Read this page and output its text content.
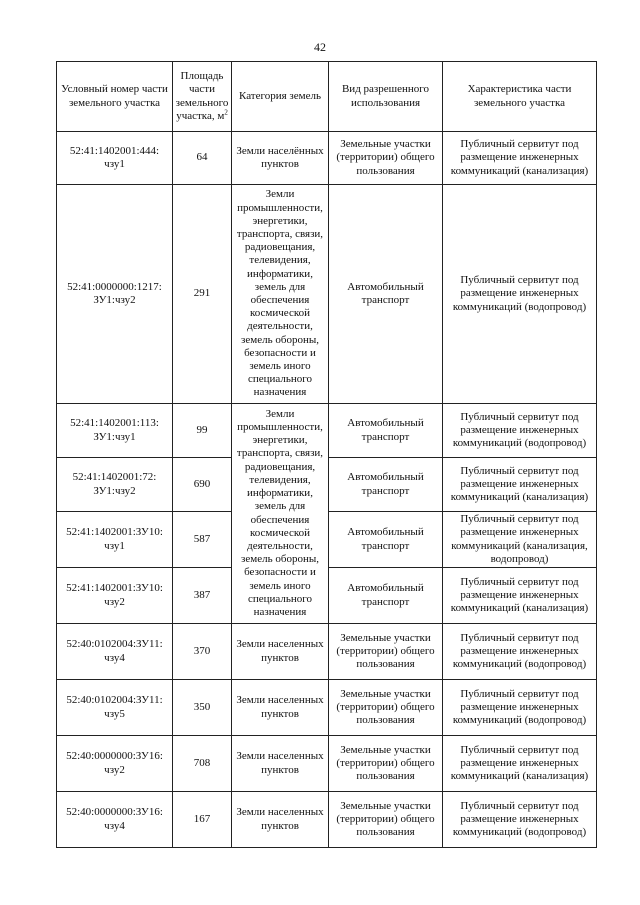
42
Условный номер части земельного участка	Площадь части земельного участка, $м^2$	Категория земель	Вид разрешенного использования	Характеристика части земельного участка
52:41:1402001:444: чзу1	64	Земли населённых пунктов	Земельные участки (территории) общего пользования	Публичный сервитут под размещение инженерных коммуникаций (канализация)
52:41:0000000:1217: ЗУ1:чзу2	291	Земли промышленности, энергетики, транспорта, связи, радиовещания, телевидения, информатики, земель для обеспечения космической деятельности, земель обороны, безопасности и земель иного специального назначения	Автомобильный транспорт	Публичный сервитут под размещение инженерных коммуникаций (водопровод)
52:41:1402001:113: ЗУ1:чзу1	99	Земли промышленности, энергетики, транспорта, связи, радиовещания, телевидения, информатики, земель для обеспечения космической деятельности, земель обороны, безопасности и земель иного специального назначения	Автомобильный транспорт	Публичный сервитут под размещение инженерных коммуникаций (водопровод)
52:41:1402001:72: ЗУ1:чзу2	690		Автомобильный транспорт	Публичный сервитут под размещение инженерных коммуникаций (канализация)
52:41:1402001:ЗУ10: чзу1	587		Автомобильный транспорт	Публичный сервитут под размещение инженерных коммуникаций (канализация, водопровод)
52:41:1402001:ЗУ10: чзу2	387		Автомобильный транспорт	Публичный сервитут под размещение инженерных коммуникаций (канализация)
52:40:0102004:ЗУ11: чзу4	370	Земли населенных пунктов	Земельные участки (территории) общего пользования	Публичный сервитут под размещение инженерных коммуникаций (водопровод)
52:40:0102004:ЗУ11: чзу5	350	Земли населенных пунктов	Земельные участки (территории) общего пользования	Публичный сервитут под размещение инженерных коммуникаций (водопровод)
52:40:0000000:ЗУ16: чзу2	708	Земли населенных пунктов	Земельные участки (территории) общего пользования	Публичный сервитут под размещение инженерных коммуникаций (канализация)
52:40:0000000:ЗУ16: чзу4	167	Земли населенных пунктов	Земельные участки (территории) общего пользования	Публичный сервитут под размещение инженерных коммуникаций (водопровод)
